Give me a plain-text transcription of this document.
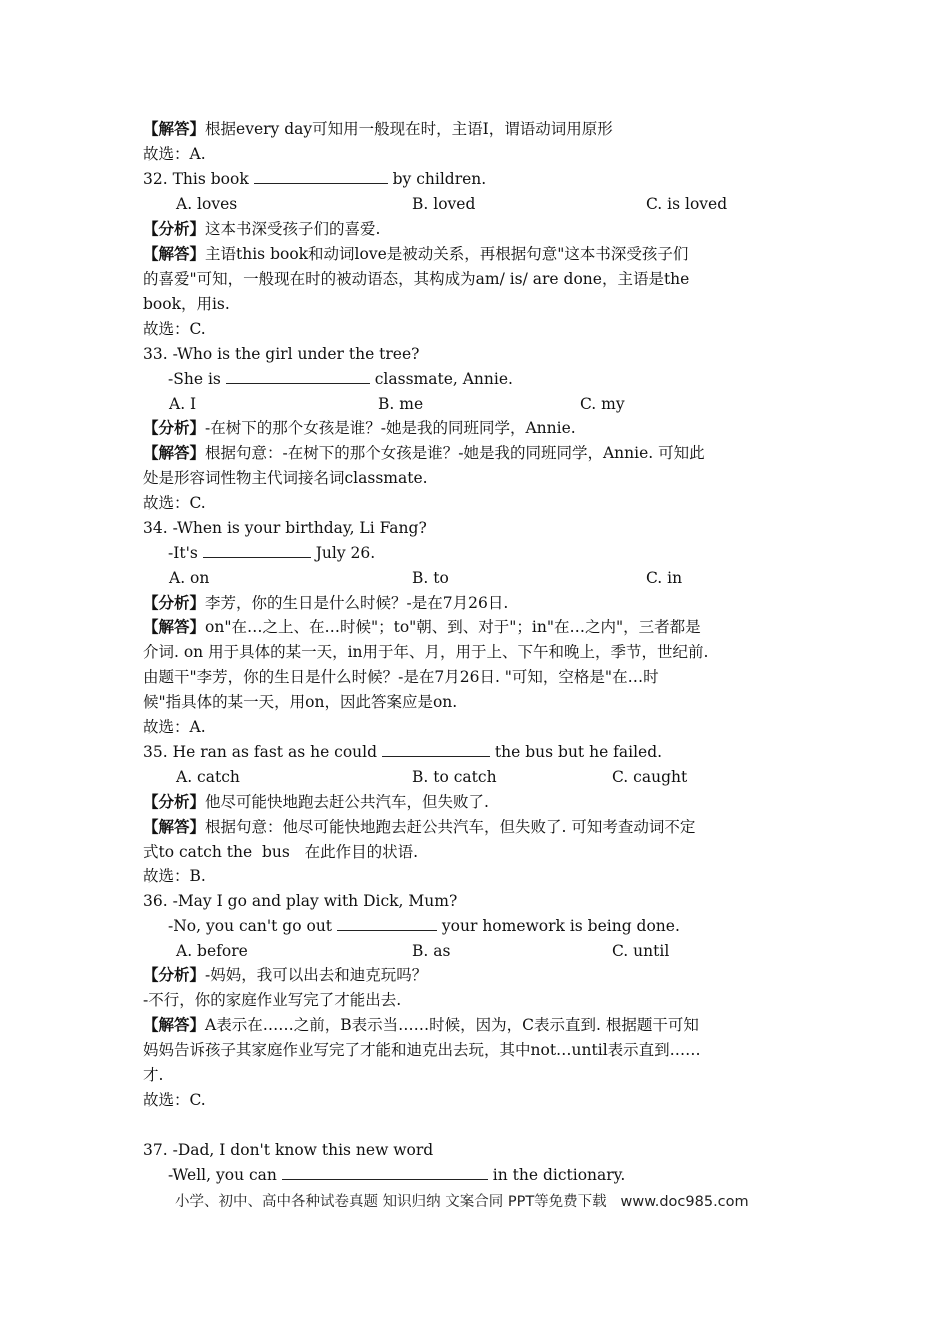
【解答】根据every day可知用一般现在时，主语I，谓语动词用原形
故选：A.
32. This book	by children.
A. loves	B. loved	C. is loved
【分析】这本书深受孩子们的喜爱.
【解答】主语this book和动词love是被动关系，再根据句意"这本书深受孩子们
的喜爱"可知，一般现在时的被动语态，其构成为am/ is/ are done，主语是the
book，用is.
故选：C.
33. -Who is the girl under the tree?
-She is	classmate, Annie.
A. I	B. me	C. my
【分析】-在树下的那个女孩是谁？-她是我的同班同学，Annie.
【解答】根据句意：-在树下的那个女孩是谁？-她是我的同班同学，Annie. 可知此
处是形容词性物主代词接名词classmate.
故选：C.
34. -When is your birthday, Li Fang?
-It's	July 26.
A. on	B. to	C. in
【分析】李芳，你的生日是什么时候？-是在7月26日.
【解答】on"在…之上、在…时候"；to"朝、到、对于"；in"在…之内"，三者都是
介词. on 用于具体的某一天，in用于年、月，用于上、下午和晚上，季节，世纪前.
由题干"李芳，你的生日是什么时候？-是在7月26日. "可知，空格是"在…时
候"指具体的某一天，用on，因此答案应是on.
故选：A.
35. He ran as fast as he could	the bus but he failed.
A. catch	B. to catch	C. caught
【分析】他尽可能快地跑去赶公共汽车，但失败了.
【解答】根据句意：他尽可能快地跑去赶公共汽车，但失败了. 可知考查动词不定
式to catch the  bus   在此作目的状语.
故选：B.
36. -May I go and play with Dick, Mum?
-No, you can't go out	your homework is being done.
A. before	B. as	C. until
【分析】-妈妈，我可以出去和迪克玩吗？
-不行，你的家庭作业写完了才能出去.
【解答】A表示在……之前，B表示当……时候，因为，C表示直到. 根据题干可知
妈妈告诉孩子其家庭作业写完了才能和迪克出去玩，其中not…until表示直到……
才.
故选：C.
37. -Dad, I don't know this new word
-Well, you can	in the dictionary.
小学、初中、高中各种试卷真题 知识归纳 文案合同 PPT等免费下载   www.doc985.com
